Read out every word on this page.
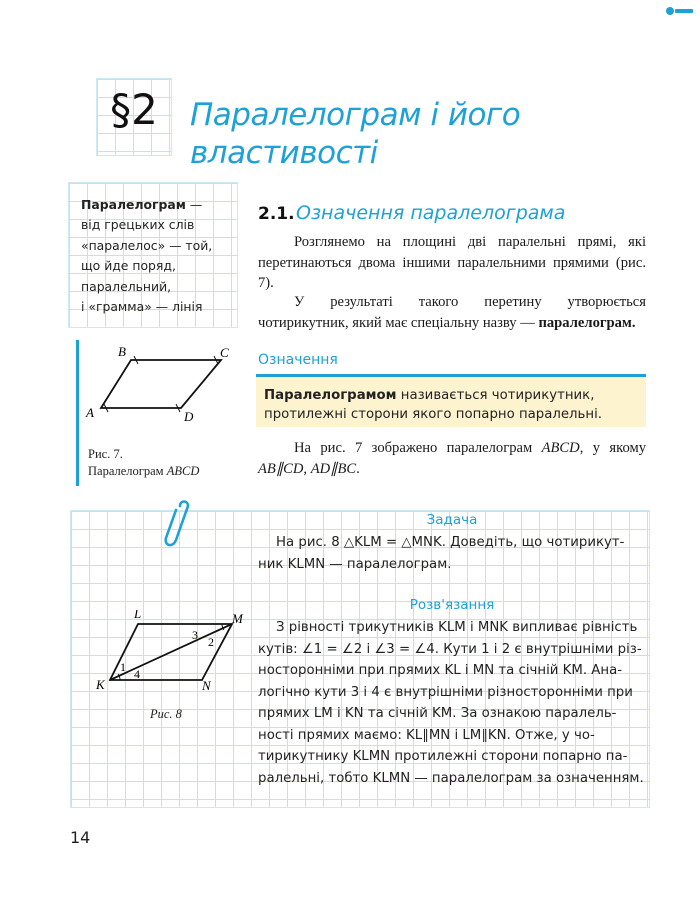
§2	Паралелограм і його
властивості
Паралелограм —
від грецьких слів
«паралелос» — той,
що йде поряд,
паралельний,
і «грамма» — лінія
B	C
A	D
Рис. 7.
Паралелограм ABCD
2.1. Означення паралелограма
Розглянемо на площині дві паралельні прямі, які перетинаються двома іншими паралельними прямими (рис. 7).
У результаті такого перетину утворюється чотирикутник, який має спеціальну назву — паралелограм.
Означення
Паралелограмом називається чотирикутник, протилежні сторони якого попарно паралельні.
На рис. 7 зображено паралелограм ABCD, у якому AB∥CD, AD∥BC.
Задача
На рис. 8 △KLM = △MNK. Доведіть, що чотирикут-
ник KLMN — паралелограм.
Розв'язання
З рівності трикутників KLM і MNK випливає рівність
кутів: ∠1 = ∠2 і ∠3 = ∠4. Кути 1 і 2 є внутрішніми різ-
носторонніми при прямих KL і MN та січній KM. Ана-
логічно кути 3 і 4 є внутрішніми різносторонніми при
прямих LM і KN та січній KM. За ознакою паралель-
ності прямих маємо: KL∥MN і LM∥KN. Отже, у чо-
тирикутнику KLMN протилежні сторони попарно па-
ралельні, тобто KLMN — паралелограм за означенням.
L	M
K	N
1
2
3
4
Рис. 8
14
